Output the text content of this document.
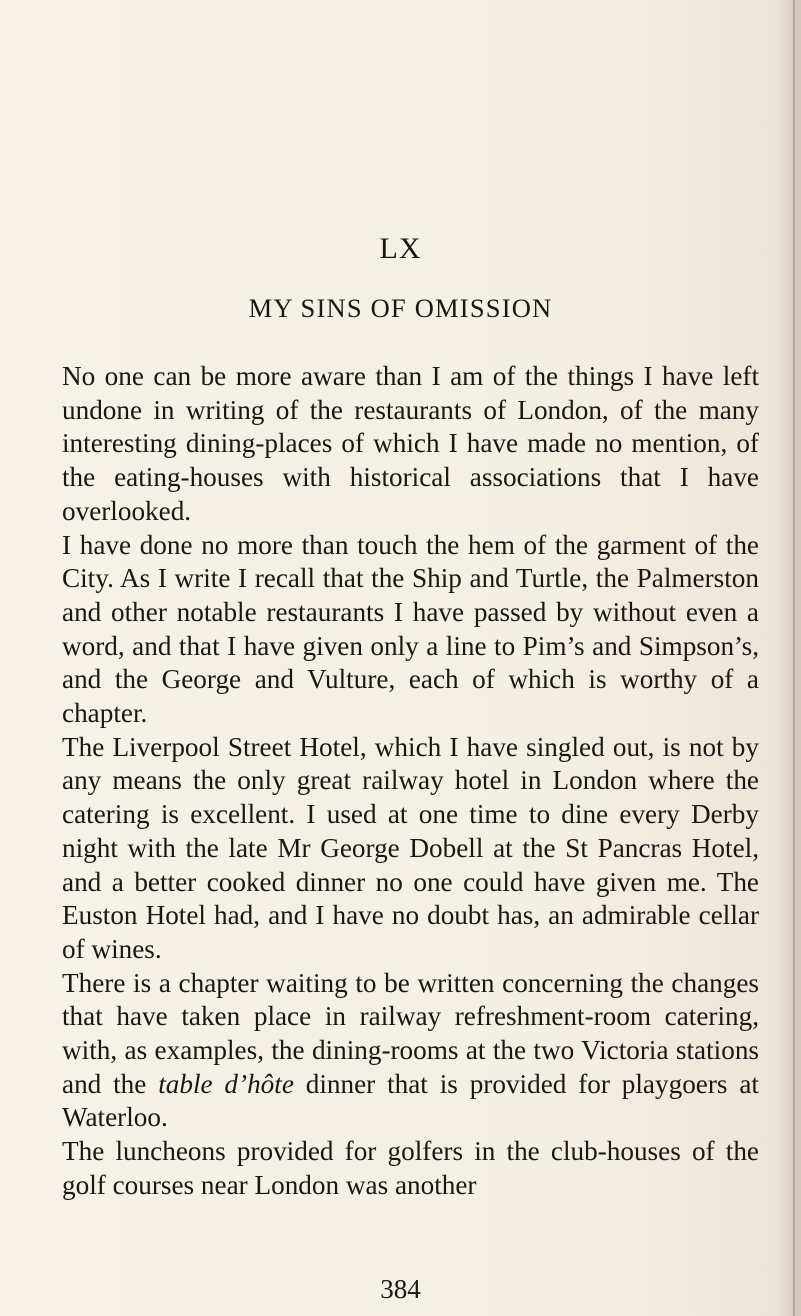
LX
MY SINS OF OMISSION

No one can be more aware than I am of the things I have left undone in writing of the restaurants of London, of the many interesting dining-places of which I have made no mention, of the eating-houses with historical associations that I have overlooked.

I have done no more than touch the hem of the garment of the City. As I write I recall that the Ship and Turtle, the Palmerston and other notable restaurants I have passed by without even a word, and that I have given only a line to Pim’s and Simpson’s, and the George and Vulture, each of which is worthy of a chapter.

The Liverpool Street Hotel, which I have singled out, is not by any means the only great railway hotel in London where the catering is excellent. I used at one time to dine every Derby night with the late Mr George Dobell at the St Pancras Hotel, and a better cooked dinner no one could have given me. The Euston Hotel had, and I have no doubt has, an admirable cellar of wines.

There is a chapter waiting to be written concerning the changes that have taken place in railway refreshment-room catering, with, as examples, the dining-rooms at the two Victoria stations and the table d’hôte dinner that is provided for playgoers at Waterloo.

The luncheons provided for golfers in the club-houses of the golf courses near London was another

384
